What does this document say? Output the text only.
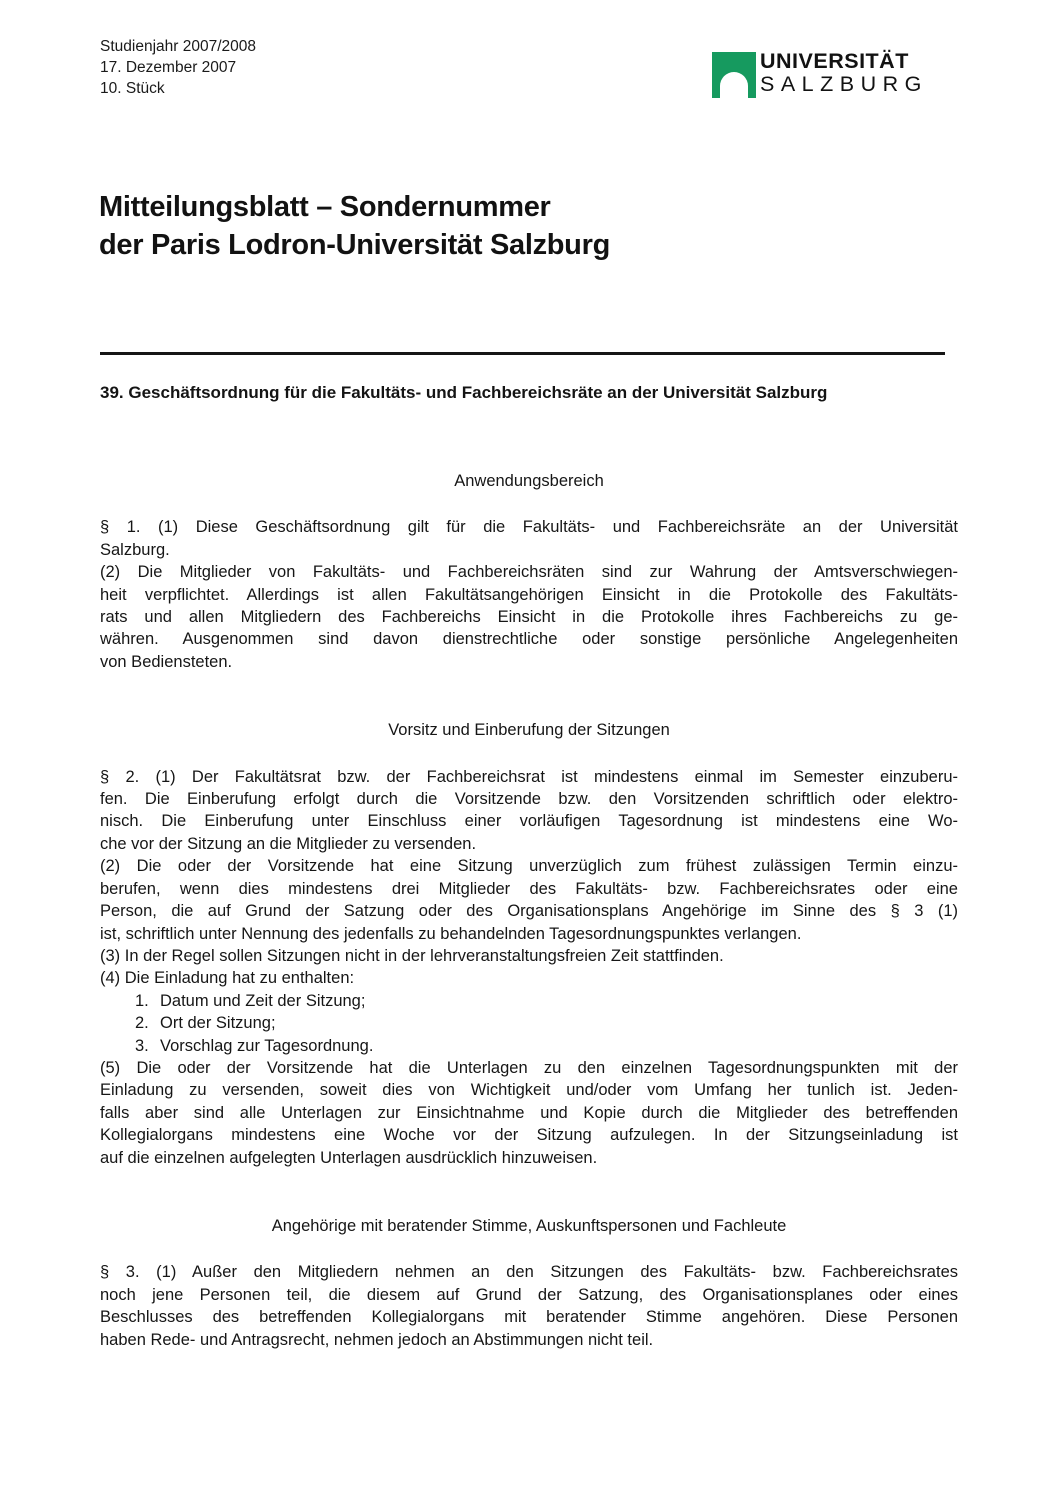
Studienjahr 2007/2008
17. Dezember 2007
10. Stück
UNIVERSITÄT
SALZBURG
Mitteilungsblatt – Sondernummer
der Paris Lodron-Universität Salzburg
39. Geschäftsordnung für die Fakultäts- und Fachbereichsräte an der Universität Salzburg
Anwendungsbereich
§ 1. (1) Diese Geschäftsordnung gilt für die Fakultäts- und Fachbereichsräte an der Universität
Salzburg.
(2) Die Mitglieder von Fakultäts- und Fachbereichsräten sind zur Wahrung der Amtsverschwiegen-
heit verpflichtet. Allerdings ist allen Fakultätsangehörigen Einsicht in die Protokolle des Fakultäts-
rats und allen Mitgliedern des Fachbereichs Einsicht in die Protokolle ihres Fachbereichs zu ge-
währen. Ausgenommen sind davon dienstrechtliche oder sonstige persönliche Angelegenheiten
von Bediensteten.
Vorsitz und Einberufung der Sitzungen
§ 2. (1) Der Fakultätsrat bzw. der Fachbereichsrat ist mindestens einmal im Semester einzuberu-
fen. Die Einberufung erfolgt durch die Vorsitzende bzw. den Vorsitzenden schriftlich oder elektro-
nisch. Die Einberufung unter Einschluss einer vorläufigen Tagesordnung ist mindestens eine Wo-
che vor der Sitzung an die Mitglieder zu versenden.
(2) Die oder der Vorsitzende hat eine Sitzung unverzüglich zum frühest zulässigen Termin einzu-
berufen, wenn dies mindestens drei Mitglieder des Fakultäts- bzw. Fachbereichsrates oder eine
Person, die auf Grund der Satzung oder des Organisationsplans Angehörige im Sinne des § 3 (1)
ist, schriftlich unter Nennung des jedenfalls zu behandelnden Tagesordnungspunktes verlangen.
(3) In der Regel sollen Sitzungen nicht in der lehrveranstaltungsfreien Zeit stattfinden.
(4) Die Einladung hat zu enthalten:
1. Datum und Zeit der Sitzung;
2. Ort der Sitzung;
3. Vorschlag zur Tagesordnung.
(5) Die oder der Vorsitzende hat die Unterlagen zu den einzelnen Tagesordnungspunkten mit der
Einladung zu versenden, soweit dies von Wichtigkeit und/oder vom Umfang her tunlich ist. Jeden-
falls aber sind alle Unterlagen zur Einsichtnahme und Kopie durch die Mitglieder des betreffenden
Kollegialorgans mindestens eine Woche vor der Sitzung aufzulegen. In der Sitzungseinladung ist
auf die einzelnen aufgelegten Unterlagen ausdrücklich hinzuweisen.
Angehörige mit beratender Stimme, Auskunftspersonen und Fachleute
§ 3. (1) Außer den Mitgliedern nehmen an den Sitzungen des Fakultäts- bzw. Fachbereichsrates
noch jene Personen teil, die diesem auf Grund der Satzung, des Organisationsplanes oder eines
Beschlusses des betreffenden Kollegialorgans mit beratender Stimme angehören. Diese Personen
haben Rede- und Antragsrecht, nehmen jedoch an Abstimmungen nicht teil.
